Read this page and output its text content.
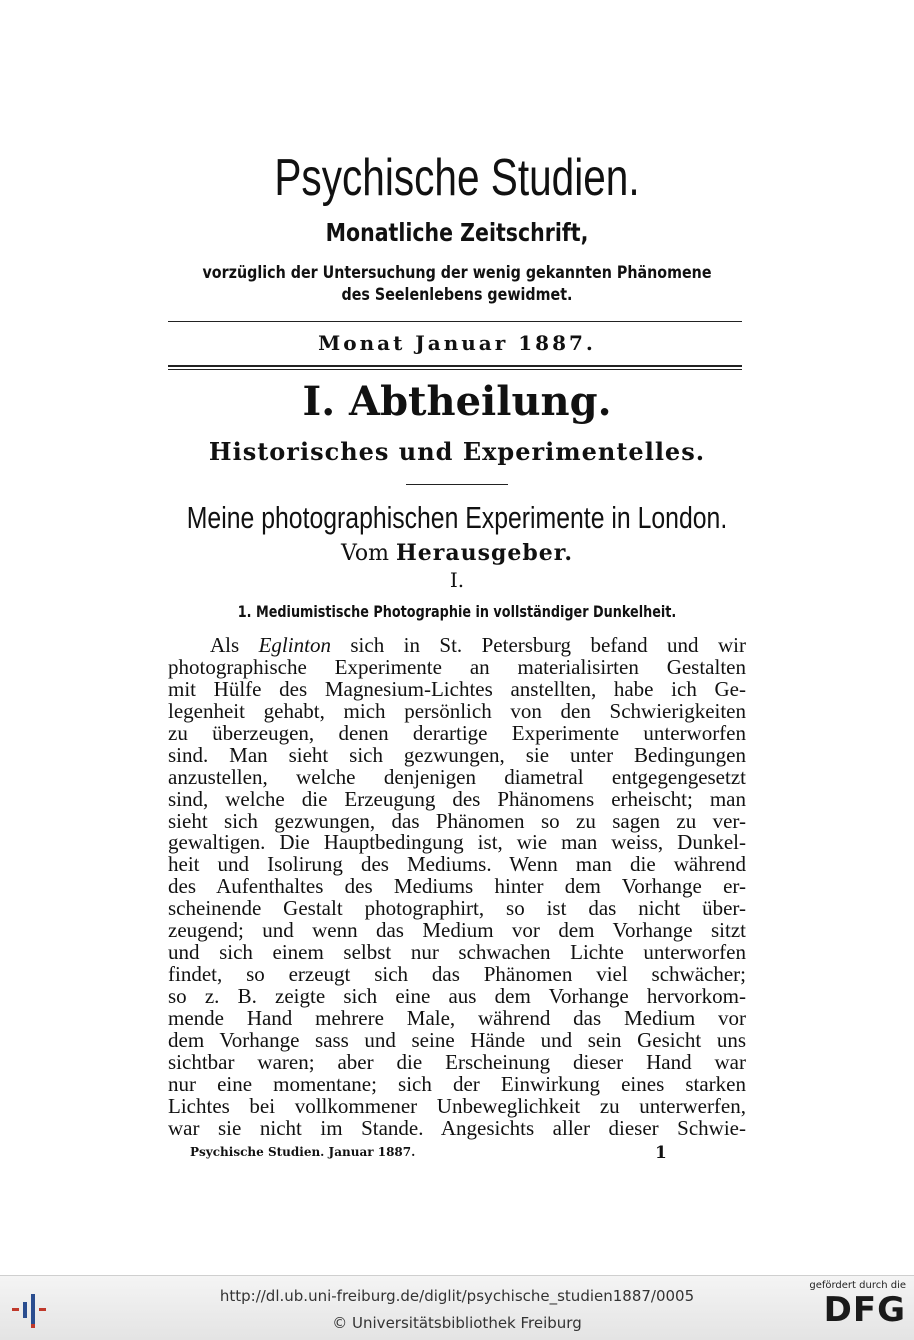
Psychische Studien.
Monatliche Zeitschrift,
vorzüglich der Untersuchung der wenig gekannten Phänomene
des Seelenlebens gewidmet.
Monat Januar 1887.
I. Abtheilung.
Historisches und Experimentelles.
Meine photographischen Experimente in London.
Vom Herausgeber.
I.
1. Mediumistische Photographie in vollständiger Dunkelheit.
Als Eglinton sich in St. Petersburg befand und wir
photographische Experimente an materialisirten Gestalten
mit Hülfe des Magnesium-Lichtes anstellten, habe ich Ge-
legenheit gehabt, mich persönlich von den Schwierigkeiten
zu überzeugen, denen derartige Experimente unterworfen
sind. Man sieht sich gezwungen, sie unter Bedingungen
anzustellen, welche denjenigen diametral entgegengesetzt
sind, welche die Erzeugung des Phänomens erheischt; man
sieht sich gezwungen, das Phänomen so zu sagen zu ver-
gewaltigen. Die Hauptbedingung ist, wie man weiss, Dunkel-
heit und Isolirung des Mediums. Wenn man die während
des Aufenthaltes des Mediums hinter dem Vorhange er-
scheinende Gestalt photographirt, so ist das nicht über-
zeugend; und wenn das Medium vor dem Vorhange sitzt
und sich einem selbst nur schwachen Lichte unterworfen
findet, so erzeugt sich das Phänomen viel schwächer;
so z. B. zeigte sich eine aus dem Vorhange hervorkom-
mende Hand mehrere Male, während das Medium vor
dem Vorhange sass und seine Hände und sein Gesicht uns
sichtbar waren; aber die Erscheinung dieser Hand war
nur eine momentane; sich der Einwirkung eines starken
Lichtes bei vollkommener Unbeweglichkeit zu unterwerfen,
war sie nicht im Stande. Angesichts aller dieser Schwie-
Psychische Studien. Januar 1887.	1
http://dl.ub.uni-freiburg.de/diglit/psychische_studien1887/0005
© Universitätsbibliothek Freiburg
gefördert durch die
DFG
